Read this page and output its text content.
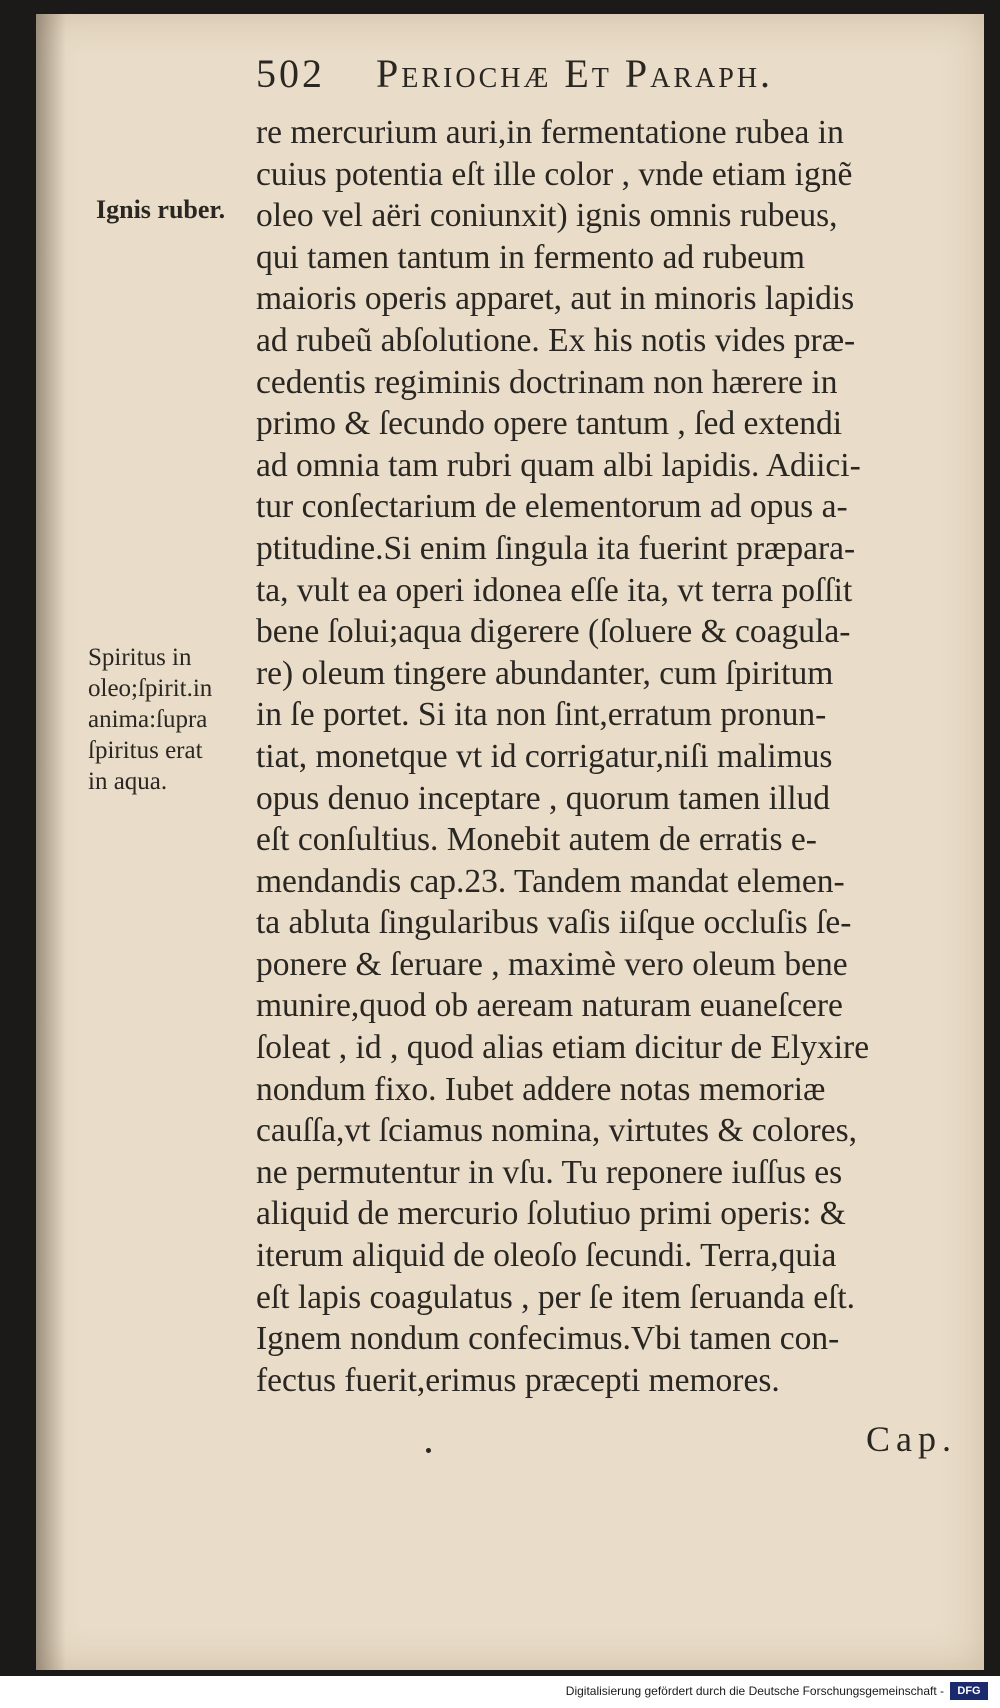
502 Periochæ Et Paraph.
Ignis ruber.
Spiritus in
oleo;ſpirit.in
anima:ſupra
ſpiritus erat
in aqua.
re mercurium auri,in fermentatione rubea in
cuius potentia eſt ille color , vnde etiam ignẽ
oleo vel aëri coniunxit) ignis omnis rubeus,
qui tamen tantum in fermento ad rubeum
maioris operis apparet, aut in minoris lapidis
ad rubeũ abſolutione. Ex his notis vides præ-
cedentis regiminis doctrinam non hærere in
primo & ſecundo opere tantum , ſed extendi
ad omnia tam rubri quam albi lapidis. Adiici-
tur conſectarium de elementorum ad opus a-
ptitudine.Si enim ſingula ita fuerint præpara-
ta, vult ea operi idonea eſſe ita, vt terra poſſit
bene ſolui;aqua digerere (ſoluere & coagula-
re) oleum tingere abundanter, cum ſpiritum
in ſe portet. Si ita non ſint,erratum pronun-
tiat, monetque vt id corrigatur,niſi malimus
opus denuo inceptare , quorum tamen illud
eſt conſultius. Monebit autem de erratis e-
mendandis cap.23. Tandem mandat elemen-
ta abluta ſingularibus vaſis iiſque occluſis ſe-
ponere & ſeruare , maximè vero oleum bene
munire,quod ob aeream naturam euaneſcere
ſoleat , id , quod alias etiam dicitur de Elyxire
nondum fixo. Iubet addere notas memoriæ
cauſſa,vt ſciamus nomina, virtutes & colores,
ne permutentur in vſu. Tu reponere iuſſus es
aliquid de mercurio ſolutiuo primi operis: &
iterum aliquid de oleoſo ſecundi. Terra,quia
eſt lapis coagulatus , per ſe item ſeruanda eſt.
Ignem nondum confecimus.Vbi tamen con-
fectus fuerit,erimus præcepti memores.
Cap.
Digitalisierung gefördert durch die Deutsche Forschungsgemeinschaft -	DFG
